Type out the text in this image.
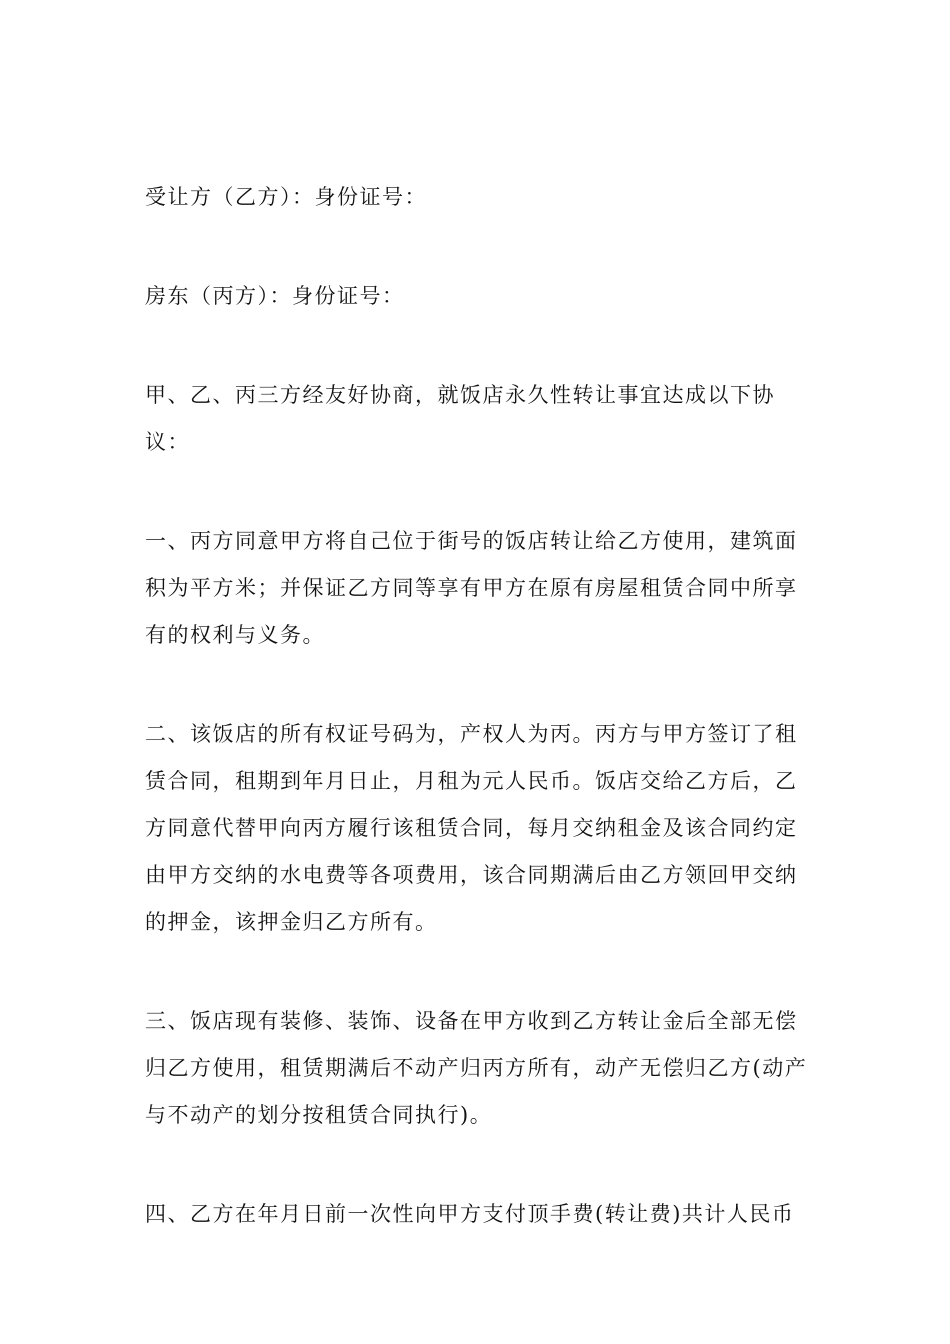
受让方（乙方）：身份证号：

房东（丙方）：身份证号：

甲、乙、丙三方经友好协商，就饭店永久性转让事宜达成以下协议：

一、丙方同意甲方将自己位于街号的饭店转让给乙方使用，建筑面积为平方米；并保证乙方同等享有甲方在原有房屋租赁合同中所享有的权利与义务。

二、该饭店的所有权证号码为，产权人为丙。丙方与甲方签订了租赁合同，租期到年月日止，月租为元人民币。饭店交给乙方后，乙方同意代替甲向丙方履行该租赁合同，每月交纳租金及该合同约定由甲方交纳的水电费等各项费用，该合同期满后由乙方领回甲交纳的押金，该押金归乙方所有。

三、饭店现有装修、装饰、设备在甲方收到乙方转让金后全部无偿归乙方使用，租赁期满后不动产归丙方所有，动产无偿归乙方(动产与不动产的划分按租赁合同执行)。

四、乙方在年月日前一次性向甲方支付顶手费(转让费)共计人民币
